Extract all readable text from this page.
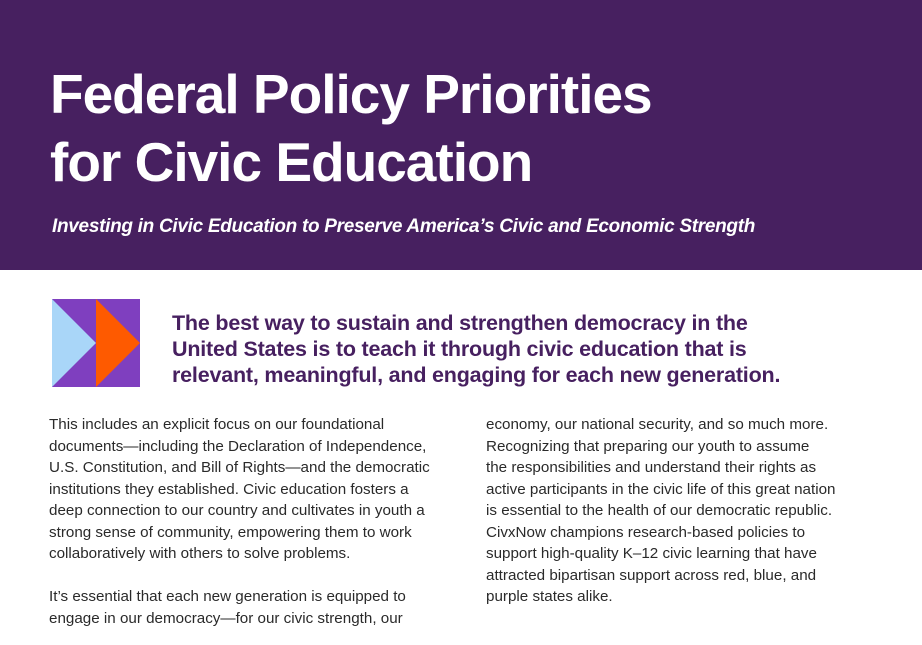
Federal Policy Priorities
for Civic Education

Investing in Civic Education to Preserve America’s Civic and Economic Strength

The best way to sustain and strengthen democracy in the
United States is to teach it through civic education that is
relevant, meaningful, and engaging for each new generation.

This includes an explicit focus on our foundational
documents—including the Declaration of Independence,
U.S. Constitution, and Bill of Rights—and the democratic
institutions they established. Civic education fosters a
deep connection to our country and cultivates in youth a
strong sense of community, empowering them to work
collaboratively with others to solve problems.

It’s essential that each new generation is equipped to
engage in our democracy—for our civic strength, our

economy, our national security, and so much more.
Recognizing that preparing our youth to assume
the responsibilities and understand their rights as
active participants in the civic life of this great nation
is essential to the health of our democratic republic.
CivxNow champions research-based policies to
support high-quality K–12 civic learning that have
attracted bipartisan support across red, blue, and
purple states alike.
